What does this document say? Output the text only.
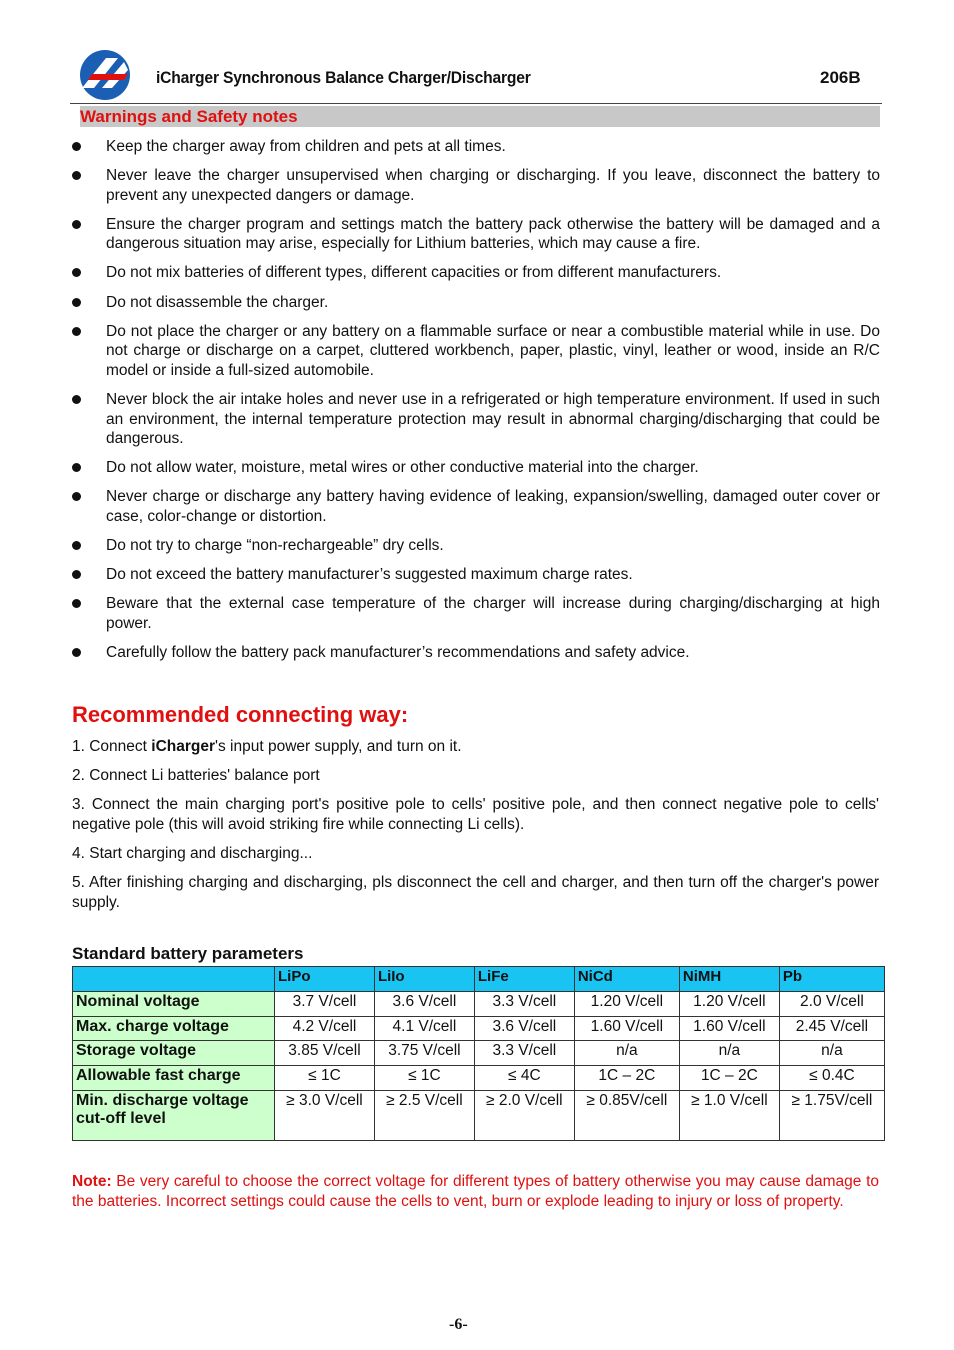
iCharger Synchronous Balance Charger/Discharger	206B
Warnings and Safety notes
Keep the charger away from children and pets at all times.
Never leave the charger unsupervised when charging or discharging. If you leave, disconnect the battery to prevent any unexpected dangers or damage.
Ensure the charger program and settings match the battery pack otherwise the battery will be damaged and a dangerous situation may arise, especially for Lithium batteries, which may cause a fire.
Do not mix batteries of different types, different capacities or from different manufacturers.
Do not disassemble the charger.
Do not place the charger or any battery on a flammable surface or near a combustible material while in use. Do not charge or discharge on a carpet, cluttered workbench, paper, plastic, vinyl, leather or wood, inside an R/C model or inside a full-sized automobile.
Never block the air intake holes and never use in a refrigerated or high temperature environment. If used in such an environment, the internal temperature protection may result in abnormal charging/discharging that could be dangerous.
Do not allow water, moisture, metal wires or other conductive material into the charger.
Never charge or discharge any battery having evidence of leaking, expansion/swelling, damaged outer cover or case, color-change or distortion.
Do not try to charge “non-rechargeable” dry cells.
Do not exceed the battery manufacturer’s suggested maximum charge rates.
Beware that the external case temperature of the charger will increase during charging/discharging at high power.
Carefully follow the battery pack manufacturer’s recommendations and safety advice.
Recommended connecting way:

1. Connect iCharger's input power supply, and turn on it.

2. Connect Li batteries' balance port

3. Connect the main charging port's positive pole to cells' positive pole, and then connect negative pole to cells' negative pole (this will avoid striking fire while connecting Li cells).

4. Start charging and discharging...

5. After finishing charging and discharging, pls disconnect the cell and charger, and then turn off the charger's power supply.

Standard battery parameters
	LiPo	LiIo	LiFe	NiCd	NiMH	Pb
Nominal voltage	3.7 V/cell	3.6 V/cell	3.3 V/cell	1.20 V/cell	1.20 V/cell	2.0 V/cell
Max. charge voltage	4.2 V/cell	4.1 V/cell	3.6 V/cell	1.60 V/cell	1.60 V/cell	2.45 V/cell
Storage voltage	3.85 V/cell	3.75 V/cell	3.3 V/cell	n/a	n/a	n/a
Allowable fast charge	≤ 1C	≤ 1C	≤ 4C	1C – 2C	1C – 2C	≤ 0.4C
Min. discharge voltage cut-off level	≥ 3.0 V/cell	≥ 2.5 V/cell	≥ 2.0 V/cell	≥ 0.85V/cell	≥ 1.0 V/cell	≥ 1.75V/cell
Note: Be very careful to choose the correct voltage for different types of battery otherwise you may cause damage to the batteries. Incorrect settings could cause the cells to vent, burn or explode leading to injury or loss of property.
-6-
